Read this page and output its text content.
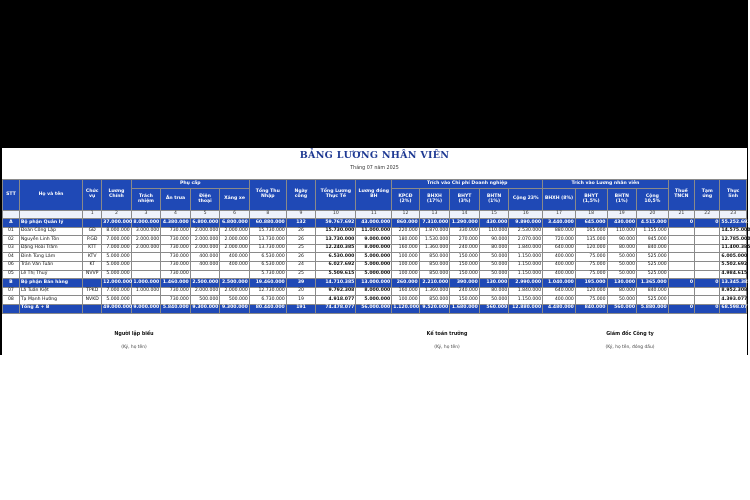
BẢNG LƯƠNG NHÂN VIÊN
Tháng 07 năm 2025
STT	Họ và tên	Chức vụ	Lương Chính	Phụ cấp				Tổng Thu Nhập	Ngày công	Tổng Lương Thực Tế	Lương đóng BH	Trích vào Chi phí Doanh nghiệp					Trích vào Lương nhân viên				Thuế TNCN	Tạm ứng	Thực lĩnh
				Trách nhiệm	Ăn trưa	Điện thoại	Xăng xe					KPCĐ (2%)	BHXH (17%)	BHYT (3%)	BHTN (1%)	Cộng 23%	BHXH (8%)	BHYT (1,5%)	BHTN (1%)	Cộng 10,5%			
		1	2	3	4	5	6	8	9	10	11	12	13	14	15	16	17	18	19	20	21	22	23
A	Bộ phận Quản lý		37.000.000	8.000.000	4.380.000	6.800.000	6.800.000	60.880.000	132	59.767.692	43.000.000	860.000	7.310.000	1.290.000	430.000	9.890.000	3.440.000	645.000	430.000	4.515.000	0	0	55.252.692
01	Đoàn Công Lập	GĐ	8.000.000	3.000.000	730.000	2.000.000	2.000.000	15.730.000	26	15.730.000	11.000.000	220.000	1.870.000	330.000	110.000	2.530.000	880.000	165.000	110.000	1.155.000			14.575.000
02	Nguyễn Linh Tôn	P.GĐ	7.000.000	2.000.000	730.000	2.000.000	2.000.000	13.730.000	26	13.730.000	9.000.000	180.000	1.530.000	270.000	90.000	2.070.000	720.000	135.000	90.000	945.000			12.785.000
03	Đặng Hoài Trâm	KTT	7.000.000	2.000.000	730.000	2.000.000	2.000.000	13.730.000	25	12.240.385	8.000.000	160.000	1.360.000	240.000	80.000	1.840.000	640.000	120.000	80.000	840.000			11.400.385
04	Đinh Tùng Lâm	KTV	5.000.000		730.000	400.000	400.000	6.530.000	26	6.530.000	5.000.000	100.000	850.000	150.000	50.000	1.150.000	400.000	75.000	50.000	525.000			6.005.000
06	Trần Văn Tuấn	KT	5.000.000		730.000	400.000	400.000	6.530.000	24	6.027.692	5.000.000	100.000	850.000	150.000	50.000	1.150.000	400.000	75.000	50.000	525.000			5.502.692
05	Lê Thị Thuý	NVVP	5.000.000		730.000			5.730.000	25	5.509.615	5.000.000	100.000	850.000	150.000	50.000	1.150.000	400.000	75.000	50.000	525.000			4.984.615
B	Bộ phận Bán hàng		12.000.000	1.000.000	1.460.000	2.500.000	2.500.000	19.460.000	39	14.710.385	13.000.000	260.000	2.210.000	390.000	130.000	2.990.000	1.040.000	195.000	130.000	1.365.000	0	0	13.345.385
07	Lã Tuấn Kiệt	TPKD	7.000.000	1.000.000	730.000	2.000.000	2.000.000	12.730.000	20	9.792.308	8.000.000	160.000	1.360.000	240.000	80.000	1.840.000	640.000	120.000	80.000	840.000			8.952.308
08	Tạ Mạnh Hưởng	NVKD	5.000.000		730.000	500.000	500.000	6.730.000	19	4.918.077	5.000.000	100.000	850.000	150.000	50.000	1.150.000	400.000	75.000	50.000	525.000			4.393.077
	Tổng A + B		49.000.000	9.000.000	5.840.000	9.300.000	9.300.000	80.440.000	191	74.478.077	56.000.000	1.120.000	9.520.000	1.680.000	560.000	12.880.000	4.480.000	840.000	560.000	5.880.000	0	0	68.598.077
Người lập biểu
(Ký, họ tên)
Kế toán trưởng
(Ký, họ tên)
Giám đốc Công ty
(Ký, họ tên, đóng dấu)
